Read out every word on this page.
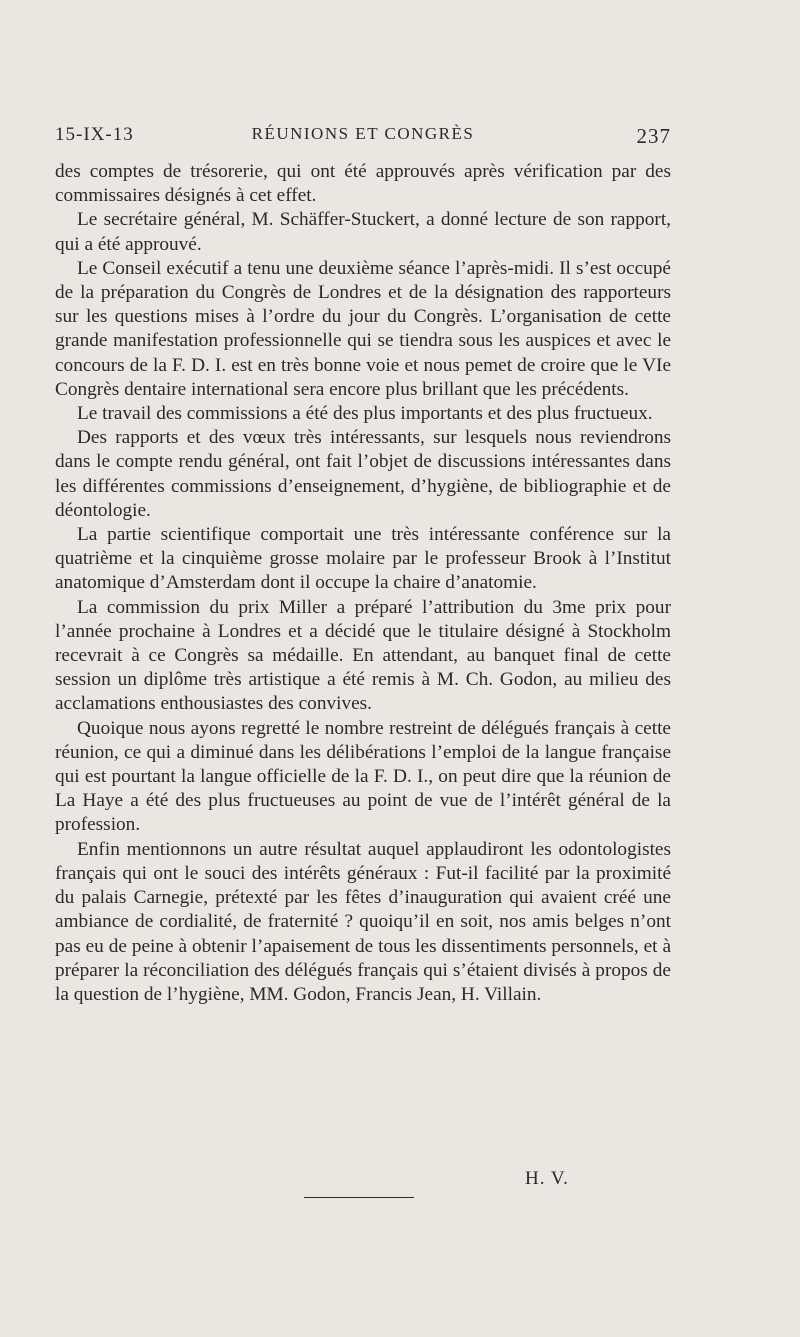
15-IX-13	RÉUNIONS ET CONGRÈS	237

des comptes de trésorerie, qui ont été approuvés après vérification par des commissaires désignés à cet effet.

Le secrétaire général, M. Schäffer-Stuckert, a donné lecture de son rapport, qui a été approuvé.

Le Conseil exécutif a tenu une deuxième séance l’après-midi. Il s’est occupé de la préparation du Congrès de Londres et de la désignation des rapporteurs sur les questions mises à l’ordre du jour du Congrès. L’organisation de cette grande manifestation professionnelle qui se tiendra sous les auspices et avec le concours de la F. D. I. est en très bonne voie et nous pemet de croire que le VIe Congrès dentaire international sera encore plus brillant que les précédents.

Le travail des commissions a été des plus importants et des plus fructueux.

Des rapports et des vœux très intéressants, sur lesquels nous reviendrons dans le compte rendu général, ont fait l’objet de discussions intéressantes dans les différentes commissions d’enseignement, d’hygiène, de bibliographie et de déontologie.

La partie scientifique comportait une très intéressante conférence sur la quatrième et la cinquième grosse molaire par le professeur Brook à l’Institut anatomique d’Amsterdam dont il occupe la chaire d’anatomie.

La commission du prix Miller a préparé l’attribution du 3me prix pour l’année prochaine à Londres et a décidé que le titulaire désigné à Stockholm recevrait à ce Congrès sa médaille. En attendant, au banquet final de cette session un diplôme très artistique a été remis à M. Ch. Godon, au milieu des acclamations enthousiastes des convives.

Quoique nous ayons regretté le nombre restreint de délégués français à cette réunion, ce qui a diminué dans les délibérations l’emploi de la langue française qui est pourtant la langue officielle de la F. D. I., on peut dire que la réunion de La Haye a été des plus fructueuses au point de vue de l’intérêt général de la profession.

Enfin mentionnons un autre résultat auquel applaudiront les odontologistes français qui ont le souci des intérêts généraux : Fut-il facilité par la proximité du palais Carnegie, prétexté par les fêtes d’inauguration qui avaient créé une ambiance de cordialité, de fraternité ? quoiqu’il en soit, nos amis belges n’ont pas eu de peine à obtenir l’apaisement de tous les dissentiments personnels, et à préparer la réconciliation des délégués français qui s’étaient divisés à propos de la question de l’hygiène, MM. Godon, Francis Jean, H. Villain.

H. V.
